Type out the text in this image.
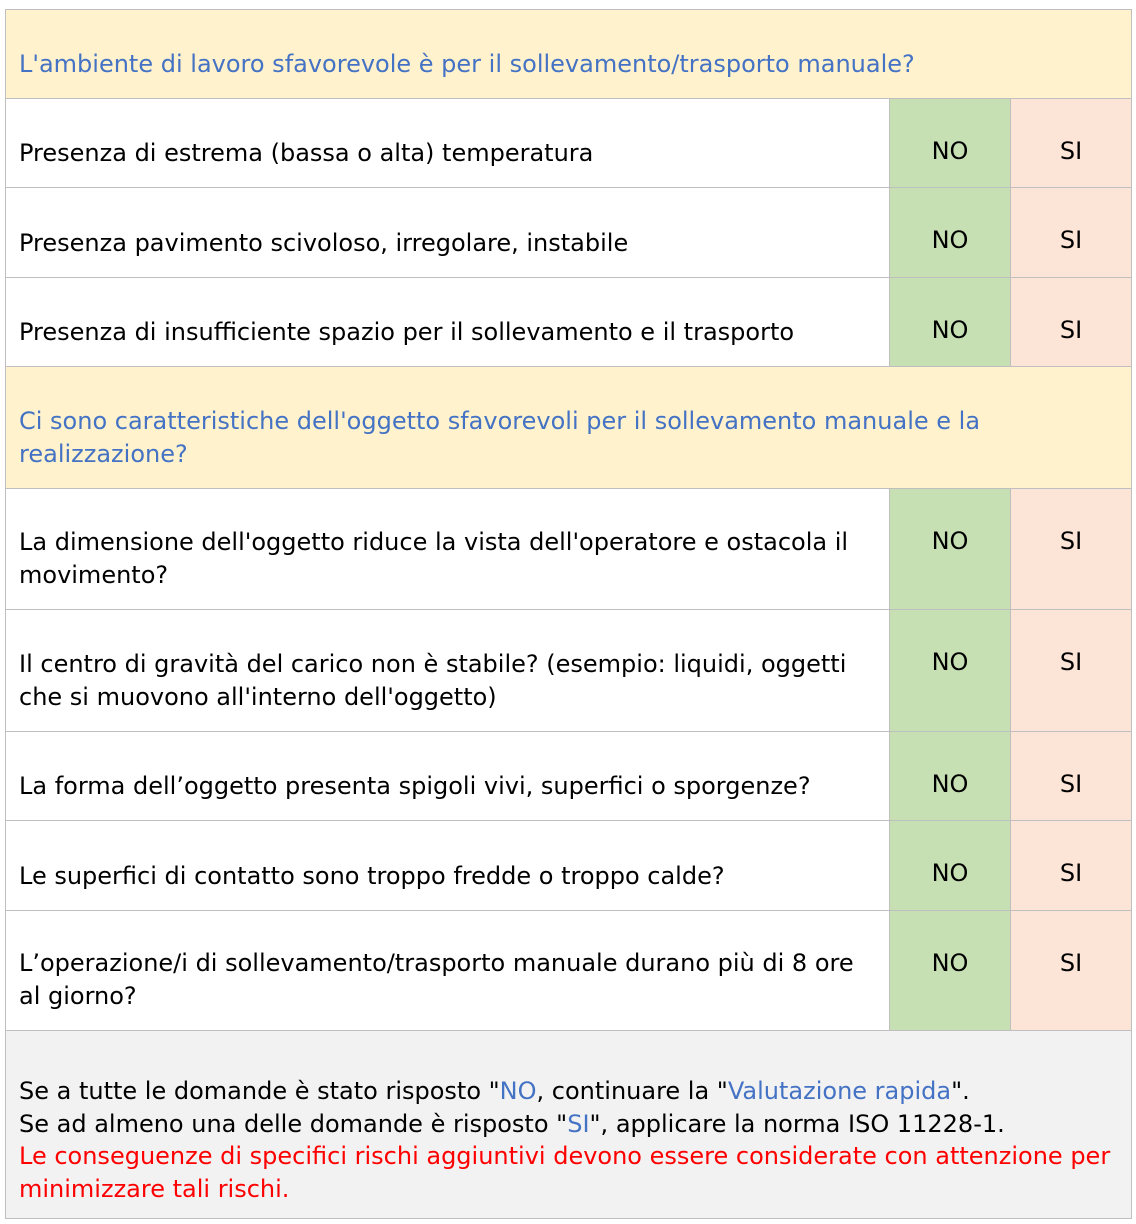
L'ambiente di lavoro sfavorevole è per il sollevamento/trasporto manuale?		
Presenza di estrema (bassa o alta) temperatura	NO	SI
Presenza pavimento scivoloso, irregolare, instabile	NO	SI
Presenza di insufficiente spazio per il sollevamento e il trasporto	NO	SI
Ci sono caratteristiche dell'oggetto sfavorevoli per il sollevamento manuale e la realizzazione?		
La dimensione dell'oggetto riduce la vista dell'operatore e ostacola il movimento?	NO	SI
Il centro di gravità del carico non è stabile? (esempio: liquidi, oggetti che si muovono all'interno dell'oggetto)	NO	SI
La forma dell’oggetto presenta spigoli vivi, superfici o sporgenze?	NO	SI
Le superfici di contatto sono troppo fredde o troppo calde?	NO	SI
L’operazione/i di sollevamento/trasporto manuale durano più di 8 ore al giorno?	NO	SI

Se a tutte le domande è stato risposto "NO, continuare la "Valutazione rapida".
Se ad almeno una delle domande è risposto "SI", applicare la norma ISO 11228-1.
Le conseguenze di specifici rischi aggiuntivi devono essere considerate con attenzione per minimizzare tali rischi.		
